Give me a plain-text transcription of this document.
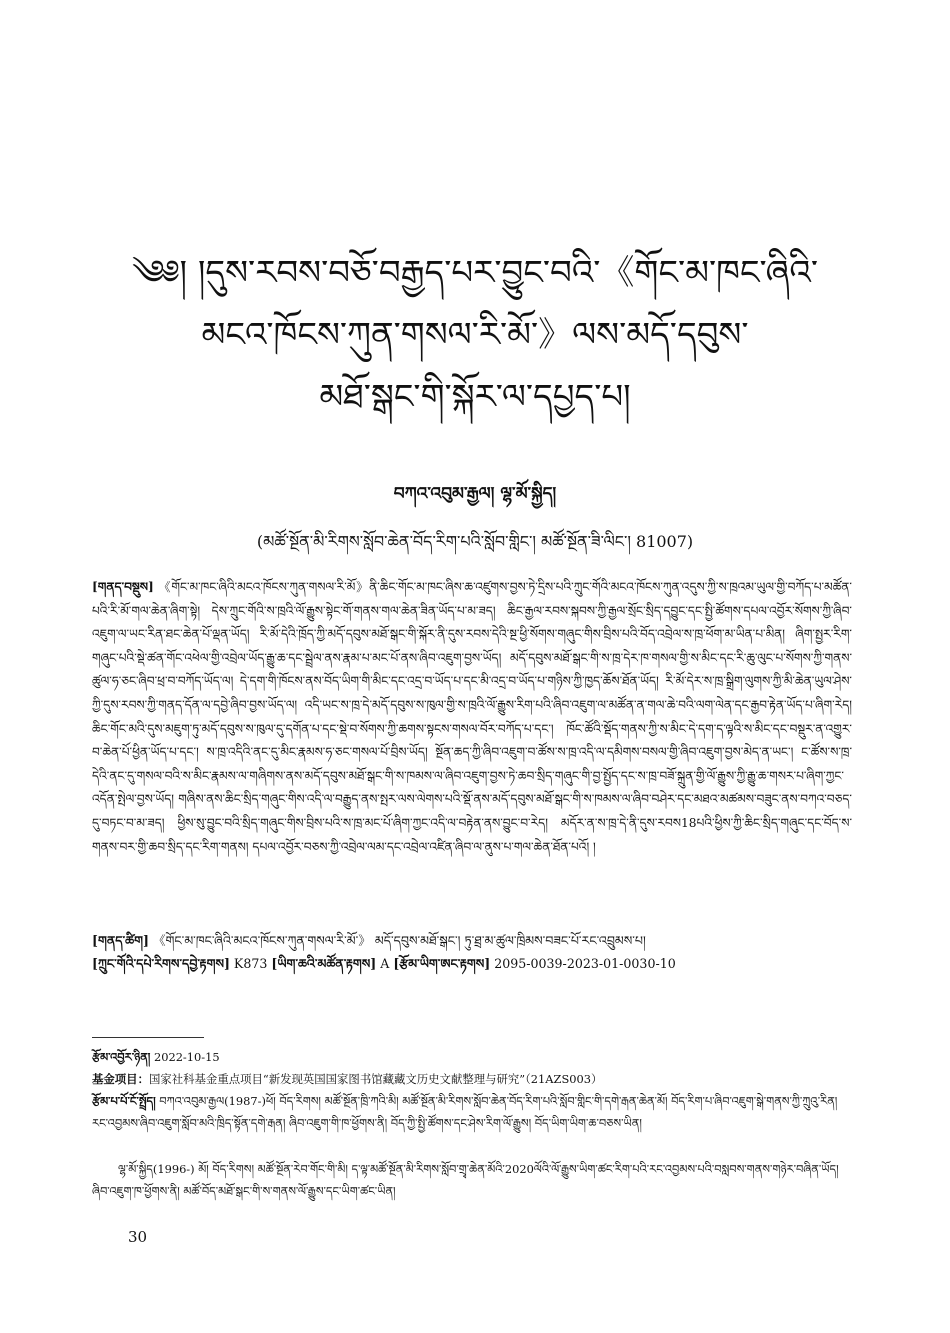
༄༅། །དུས་རབས་བཅོ་བརྒྱད་པར་བྱུང་བའི་《གོང་མ་ཁང་ཞིའི་
མངའ་ཁོངས་ཀུན་གསལ་རི་མོ་》ལས་མདོ་དབུས་
མཐོ་སྒང་གི་སྐོར་ལ་དཔྱད་པ།
བཀའ་འབུམ་རྒྱལ། ལྷ་མོ་སྐྱིད།
(མཚོ་སྔོན་མི་རིགས་སློབ་ཆེན་བོད་རིག་པའི་སློབ་གླིང་། མཚོ་སྔོན་ཟི་ལིང་། 81007)
[གནད་བསྡུས] 《གོང་མ་ཁང་ཞིའི་མངའ་ཁོངས་ཀུན་གསལ་རི་མོ》ནི་ཆིང་གོང་མ་ཁང་ཞིས་ཆ་འཛུགས་བྱས་ཏེ་དྲིས་པའི་ཀྲུང་གོའི་མངའ་ཁོངས་ཀུན་འདུས་ཀྱི་ས་ཁྲའམ་ཡུལ་གྱི་བཀོད་པ་མཚོན་པའི་རི་མོ་གལ་ཆེན་ཞིག་སྟེ། དེས་ཀྲུང་གོའི་ས་ཁྲའི་ལོ་རྒྱུས་སྟེང་གོ་གནས་གལ་ཆེན་ཟིན་ཡོད་པ་མ་ཟད། ཆིང་རྒྱལ་རབས་སྐབས་ཀྱི་རྒྱལ་སྲོང་སྲིད་དབྱུང་དང་སྤྱི་ཚོགས་དཔལ་འབྱོར་སོགས་ཀྱི་ཞིབ་འཇུག་ལ་ཡང་རིན་ཐང་ཆེན་པོ་ལྡན་ཡོད། རི་མོ་དེའི་ཁྲོད་ཀྱི་མདོ་དབུས་མཐོ་སྒང་གི་སྐོར་ནི་དུས་རབས་དེའི་སྔ་ཕྱི་སོགས་གཞུང་གིས་བྲིས་པའི་བོད་འབྲེལ་ས་ཁྲ་ཕོག་མ་ཡིན་པ་མིན། ཞིག་སྤྱར་རིག་གཞུང་པའི་སྡེ་ཚན་གོང་འཕེལ་གྱི་འབྲེལ་ཡོད་རྒྱུ་ཆ་དང་སྦྲེལ་ནས་རྣམ་པ་མང་པོ་ནས་ཞིབ་འཇུག་བྱས་ཡོད། མདོ་དབུས་མཐོ་སྒང་གི་ས་ཁྲ་དེར་ཁ་གསལ་གྱི་ས་མིང་དང་རི་ཆུ་ལུང་པ་སོགས་ཀྱི་གནས་ཚུལ་ཧ་ཅང་ཞིབ་ཕྲ་བ་བཀོད་ཡོད་ལ། དེ་དག་གི་ཁོངས་ནས་བོད་ཡིག་གི་མིང་དང་འདྲ་བ་ཡོད་པ་དང་མི་འདྲ་བ་ཡོད་པ་གཉིས་ཀྱི་ཁྱད་ཆོས་ཐོན་ཡོད། རི་མོ་དེར་ས་ཁྲ་སྒྲིག་ལུགས་ཀྱི་མི་ཆེན་ཡུལ་ཤེས་ཀྱི་དུས་རབས་ཀྱི་གནད་དོན་ལ་དབྱེ་ཞིབ་བྱས་ཡོད་ལ། འདི་ཡང་ས་ཁྲ་དེ་མདོ་དབུས་ས་ཁུལ་གྱི་ས་ཁྲའི་ལོ་རྒྱུས་རིག་པའི་ཞིབ་འཇུག་ལ་མཚོན་ན་གལ་ཆེ་བའི་ལག་ལེན་དང་རྒྱབ་རྟེན་ཡོད་པ་ཞིག་རེད། ཆིང་གོང་མའི་དུས་མཇུག་ཏུ་མདོ་དབུས་ས་ཁུལ་དུ་དགོན་པ་དང་སྡེ་བ་སོགས་ཀྱི་ཆགས་སྟངས་གསལ་བོར་བཀོད་པ་དང་། ཁོང་ཚོའི་སྡོད་གནས་ཀྱི་ས་མིང་དེ་དག་ད་ལྟའི་ས་མིང་དང་བསྡུར་ན་འགྱུར་བ་ཆེན་པོ་ཕྱིན་ཡོད་པ་དང་། ས་ཁྲ་འདིའི་ནང་དུ་མིང་རྣམས་ཧ་ཅང་གསལ་པོ་བྲིས་ཡོད། སྔོན་ཆད་ཀྱི་ཞིབ་འཇུག་བ་ཚོས་ས་ཁྲ་འདི་ལ་དམིགས་བསལ་གྱི་ཞིབ་འཇུག་བྱས་མེད་ན་ཡང་། ང་ཚོས་ས་ཁྲ་དེའི་ནང་དུ་གསལ་བའི་ས་མིང་རྣམས་ལ་གཞིགས་ནས་མདོ་དབུས་མཐོ་སྒང་གི་ས་ཁམས་ལ་ཞིབ་འཇུག་བྱས་ཏེ་ཆབ་སྲིད་གཞུང་གི་བྱ་སྤྱོད་དང་ས་ཁྲ་བཟོ་སྐྲུན་གྱི་ལོ་རྒྱུས་ཀྱི་རྒྱུ་ཆ་གསར་པ་ཞིག་ཀྱང་འདོན་སྤེལ་བྱས་ཡོད། གཞིས་ནས་ཆིང་སྲིད་གཞུང་གིས་འདི་ལ་བརྒྱུད་ནས་སྤར་ལས་ལེགས་པའི་སྡོ་ནས་མདོ་དབུས་མཐོ་སྒང་གི་ས་ཁམས་ལ་ཞིབ་བཤེར་དང་མཐའ་མཚམས་བཟུང་ནས་བཀའ་བཅད་དུ་བཏང་བ་མ་ཟད། ཕྱིས་སུ་བྱུང་བའི་སྲིད་གཞུང་གིས་བྲིས་པའི་ས་ཁྲ་མང་པོ་ཞིག་ཀྱང་འདི་ལ་བརྟེན་ནས་བྱུང་བ་རེད། མདོར་ན་ས་ཁྲ་དེ་ནི་དུས་རབས18པའི་ཕྱིས་ཀྱི་ཆིང་སྲིད་གཞུང་དང་བོད་ས་གནས་བར་གྱི་ཆབ་སྲིད་དང་རིག་གནས། དཔལ་འབྱོར་བཅས་ཀྱི་འབྲེལ་ལམ་དང་འབྲེལ་འཛིན་ཞིབ་ལ་ནུས་པ་གལ་ཆེན་ཐོན་པའོ། །
[གནད་ཚིག] 《གོང་མ་ཁང་ཞིའི་མངའ་ཁོངས་ཀུན་གསལ་རི་མོ་》 མདོ་དབུས་མཐོ་སྒང་། ཏུ་ཐྲ་མ་ཚུལ་ཁྲིམས་བཟང་པོ་རང་འབྲུམས་པ།
[ཀྲུང་གོའི་དཔེ་རིགས་དབྱེ་རྟགས] K873 [ཡིག་ཆའི་མཚོན་རྟགས] A [རྩོམ་ཡིག་ཨང་རྟགས] 2095-0039-2023-01-0030-10
རྩོམ་འབྱོར་ཉིན། 2022-10-15
基金项目：国家社科基金重点项目“新发现英国国家图书馆藏藏文历史文献整理与研究”（21AZS003）
རྩོམ་པ་པོ་ངོ་སྤྲོད། བཀའ་འབུམ་རྒྱལ(1987-)ཕོ། བོད་རིགས། མཚོ་སྔོན་ཁྲི་ཀའི་མི། མཚོ་སྔོན་མི་རིགས་སློབ་ཆེན་བོད་རིག་པའི་སློབ་གླིང་གི་དགེ་རྒན་ཆེན་མོ། བོད་རིག་པ་ཞིབ་འཇུག་སྒེ་གནས་ཀྱི་ཀྲུའུ་རིན། རང་འབྱམས་ཞིབ་འཇུག་སློབ་མའི་ཁྲིད་སྟོན་དགེ་རྒན། ཞིབ་འཇུག་གི་ཁ་ཕྱོགས་ནི། བོད་ཀྱི་སྤྱི་ཚོགས་དང་ཤེས་རིག་ལོ་རྒྱུས། བོད་ཡིག་ཡིག་ཆ་བཅས་ཡིན།
ལྷ་མོ་སྐྱིད(1996-) མོ། བོད་རིགས། མཚོ་སྔོན་རེབ་གོང་གི་མི། ད་ལྟ་མཚོ་སྔོན་མི་རིགས་སློབ་གྲྭ་ཆེན་མོའི་2020ལོའི་ལོ་རྒྱུས་ཡིག་ཚང་རིག་པའི་རང་འབྱམས་པའི་བསླབས་གནས་གཉེར་བཞིན་ཡོད། ཞིབ་འཇུག་ཁ་ཕྱོགས་ནི། མཚོ་བོད་མཐོ་སྒང་གི་ས་གནས་ལོ་རྒྱུས་དང་ཡིག་ཚང་ཡིན།
30
